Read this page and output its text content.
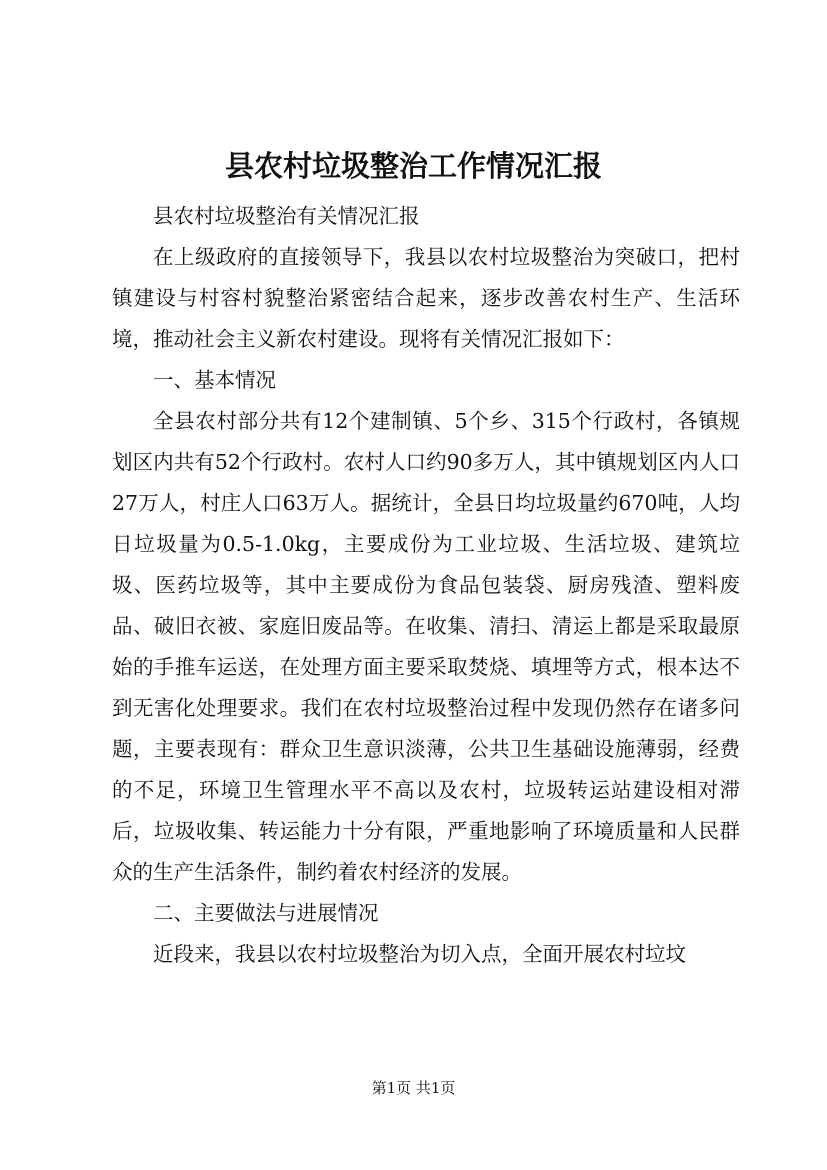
县农村垃圾整治工作情况汇报

县农村垃圾整治有关情况汇报

在上级政府的直接领导下，我县以农村垃圾整治为突破口，把村镇建设与村容村貌整治紧密结合起来，逐步改善农村生产、生活环境，推动社会主义新农村建设。现将有关情况汇报如下：

一、基本情况

全县农村部分共有12个建制镇、5个乡、315个行政村，各镇规划区内共有52个行政村。农村人口约90多万人，其中镇规划区内人口27万人，村庄人口63万人。据统计，全县日均垃圾量约670吨，人均日垃圾量为0.5-1.0kg，主要成份为工业垃圾、生活垃圾、建筑垃圾、医药垃圾等，其中主要成份为食品包装袋、厨房残渣、塑料废品、破旧衣被、家庭旧废品等。在收集、清扫、清运上都是采取最原始的手推车运送，在处理方面主要采取焚烧、填埋等方式，根本达不到无害化处理要求。我们在农村垃圾整治过程中发现仍然存在诸多问题，主要表现有：群众卫生意识淡薄，公共卫生基础设施薄弱，经费的不足，环境卫生管理水平不高以及农村，垃圾转运站建设相对滞后，垃圾收集、转运能力十分有限，严重地影响了环境质量和人民群众的生产生活条件，制约着农村经济的发展。

二、主要做法与进展情况

近段来，我县以农村垃圾整治为切入点，全面开展农村垃坟

第1页 共1页
